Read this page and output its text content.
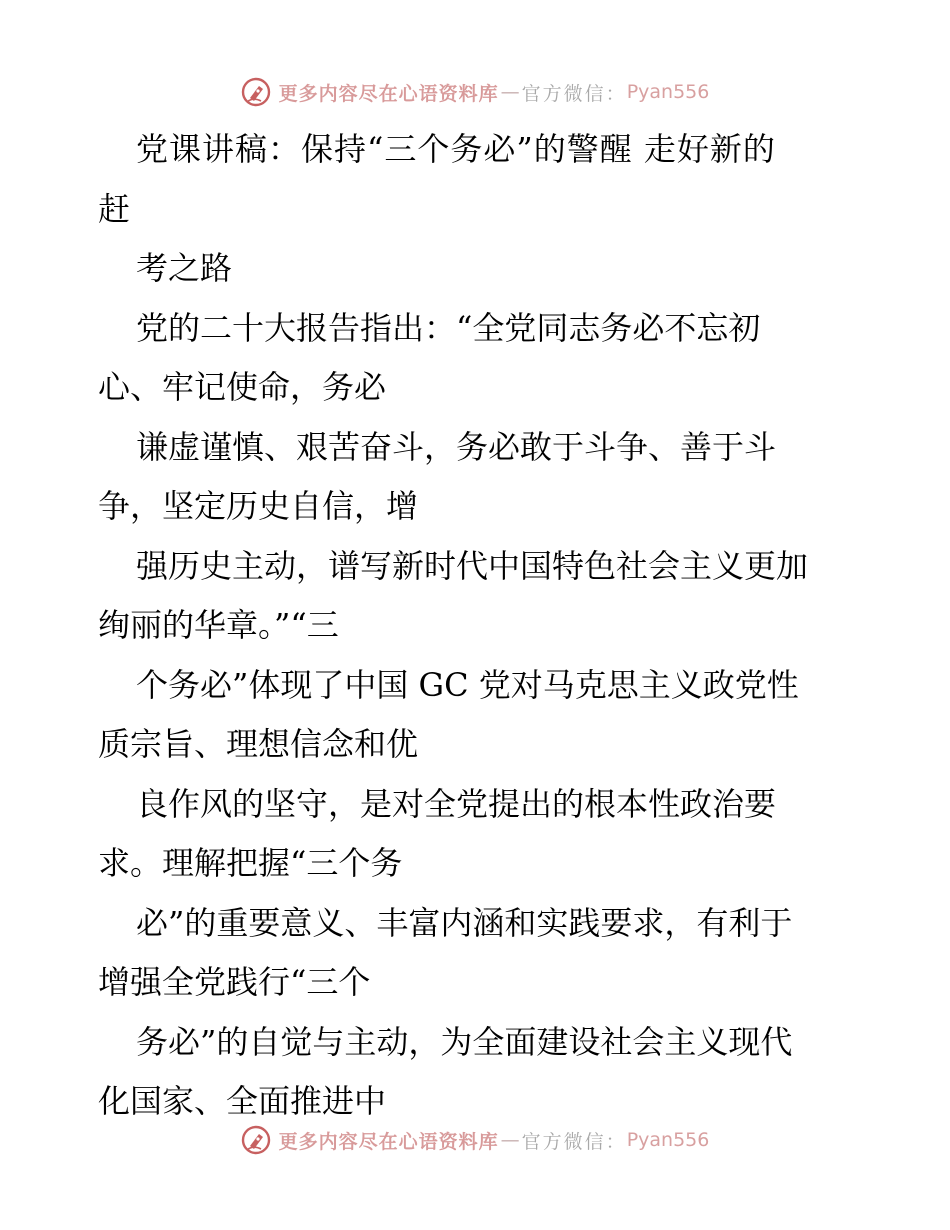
更多内容尽在心语资料库 — 官方微信： Pyan556
党课讲稿：保持“三个务必”的警醒 走好新的
赶
考之路
党的二十大报告指出：“全党同志务必不忘初
心、牢记使命，务必
谦虚谨慎、艰苦奋斗，务必敢于斗争、善于斗
争，坚定历史自信，增
强历史主动，谱写新时代中国特色社会主义更加
绚丽的华章。”“三
个务必”体现了中国 GC 党对马克思主义政党性
质宗旨、理想信念和优
良作风的坚守，是对全党提出的根本性政治要
求。理解把握“三个务
必”的重要意义、丰富内涵和实践要求，有利于
增强全党践行“三个
务必”的自觉与主动，为全面建设社会主义现代
化国家、全面推进中
更多内容尽在心语资料库 — 官方微信： Pyan556
